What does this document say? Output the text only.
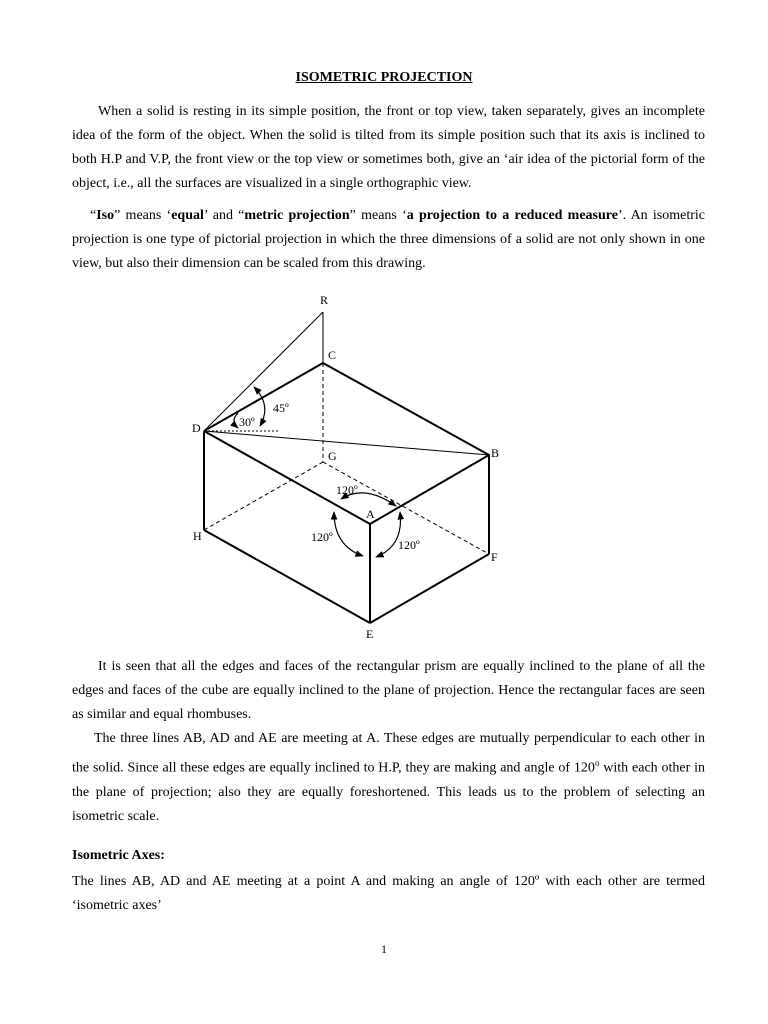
ISOMETRIC PROJECTION

When a solid is resting in its simple position, the front or top view, taken separately, gives an incomplete idea of the form of the object. When the solid is tilted from its simple position such that its axis is inclined to both H.P and V.P, the front view or the top view or sometimes both, give an ‘air idea of the pictorial form of the object, i.e., all the surfaces are visualized in a single orthographic view.

“Iso” means ‘equal’ and “metric projection” means ‘a projection to a reduced measure’. An isometric projection is one type of pictorial projection in which the three dimensions of a solid are not only shown in one view, but also their dimension can be scaled from this drawing.

R
C
D
G	B
A
H
F
E
45º
30º
120º
120º
120º

It is seen that all the edges and faces of the rectangular prism are equally inclined to the plane of all the edges and faces of the cube are equally inclined to the plane of projection. Hence the rectangular faces are seen as similar and equal rhombuses.

The three lines AB, AD and AE are meeting at A. These edges are mutually perpendicular to each other in the solid. Since all these edges are equally inclined to H.P, they are making and angle of 120$^o$ with each other in the plane of projection; also they are equally foreshortened. This leads us to the problem of selecting an isometric scale.

Isometric Axes:

The lines AB, AD and AE meeting at a point A and making an angle of 120º with each other are termed ‘isometric axes’

1
